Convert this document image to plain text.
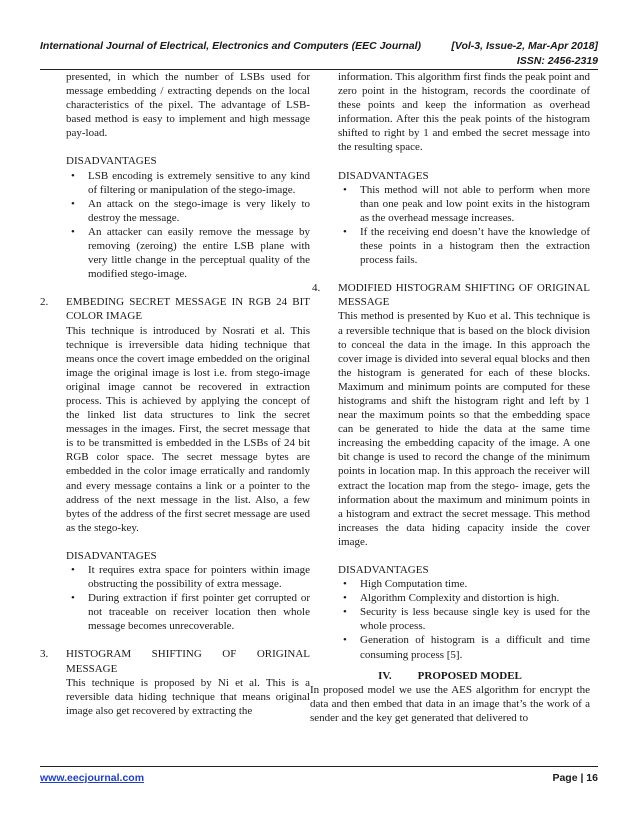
International Journal of Electrical, Electronics and Computers (EEC Journal)	[Vol-3, Issue-2, Mar-Apr 2018]
ISSN: 2456-2319

presented, in which the number of LSBs used for message embedding / extracting depends on the local characteristics of the pixel. The advantage of LSB-based method is easy to implement and high message pay-load.

DISADVANTAGES

• LSB encoding is extremely sensitive to any kind of filtering or manipulation of the stego-image.
• An attack on the stego-image is very likely to destroy the message.
• An attacker can easily remove the message by removing (zeroing) the entire LSB plane with very little change in the perceptual quality of the modified stego-image.
2. EMBEDING SECRET MESSAGE IN RGB 24 BIT COLOR IMAGE

This technique is introduced by Nosrati et al. This technique is irreversible data hiding technique that means once the covert image embedded on the original image the original image is lost i.e. from stego-image original image cannot be recovered in extraction process. This is achieved by applying the concept of the linked list data structures to link the secret messages in the images. First, the secret message that is to be transmitted is embedded in the LSBs of 24 bit RGB color space. The secret message bytes are embedded in the color image erratically and randomly and every message contains a link or a pointer to the address of the next message in the list. Also, a few bytes of the address of the first secret message are used as the stego-key.

DISADVANTAGES

• It requires extra space for pointers within image obstructing the possibility of extra message.
• During extraction if first pointer get corrupted or not traceable on receiver location then whole message becomes unrecoverable.
3. HISTOGRAM SHIFTING OF ORIGINAL MESSAGE

This technique is proposed by Ni et al. This is a reversible data hiding technique that means original image also get recovered by extracting the

information. This algorithm first finds the peak point and zero point in the histogram, records the coordinate of these points and keep the information as overhead information. After this the peak points of the histogram shifted to right by 1 and embed the secret message into the resulting space.

DISADVANTAGES

• This method will not able to perform when more than one peak and low point exits in the histogram as the overhead message increases.
• If the receiving end doesn’t have the knowledge of these points in a histogram then the extraction process fails.
4. MODIFIED HISTOGRAM SHIFTING OF ORIGINAL MESSAGE

This method is presented by Kuo et al. This technique is a reversible technique that is based on the block division to conceal the data in the image. In this approach the cover image is divided into several equal blocks and then the histogram is generated for each of these blocks. Maximum and minimum points are computed for these histograms and shift the histogram right and left by 1 near the maximum points so that the embedding space can be generated to hide the data at the same time increasing the embedding capacity of the image. A one bit change is used to record the change of the minimum points in location map. In this approach the receiver will extract the location map from the stego- image, gets the information about the maximum and minimum points in a histogram and extract the secret message. This method increases the data hiding capacity inside the cover image.

DISADVANTAGES

• High Computation time.
• Algorithm Complexity and distortion is high.
• Security is less because single key is used for the whole process.
• Generation of histogram is a difficult and time consuming process [5].

IV. PROPOSED MODEL

In proposed model we use the AES algorithm for encrypt the data and then embed that data in an image that’s the work of a sender and the key get generated that delivered to

www.eecjournal.com	Page | 16
